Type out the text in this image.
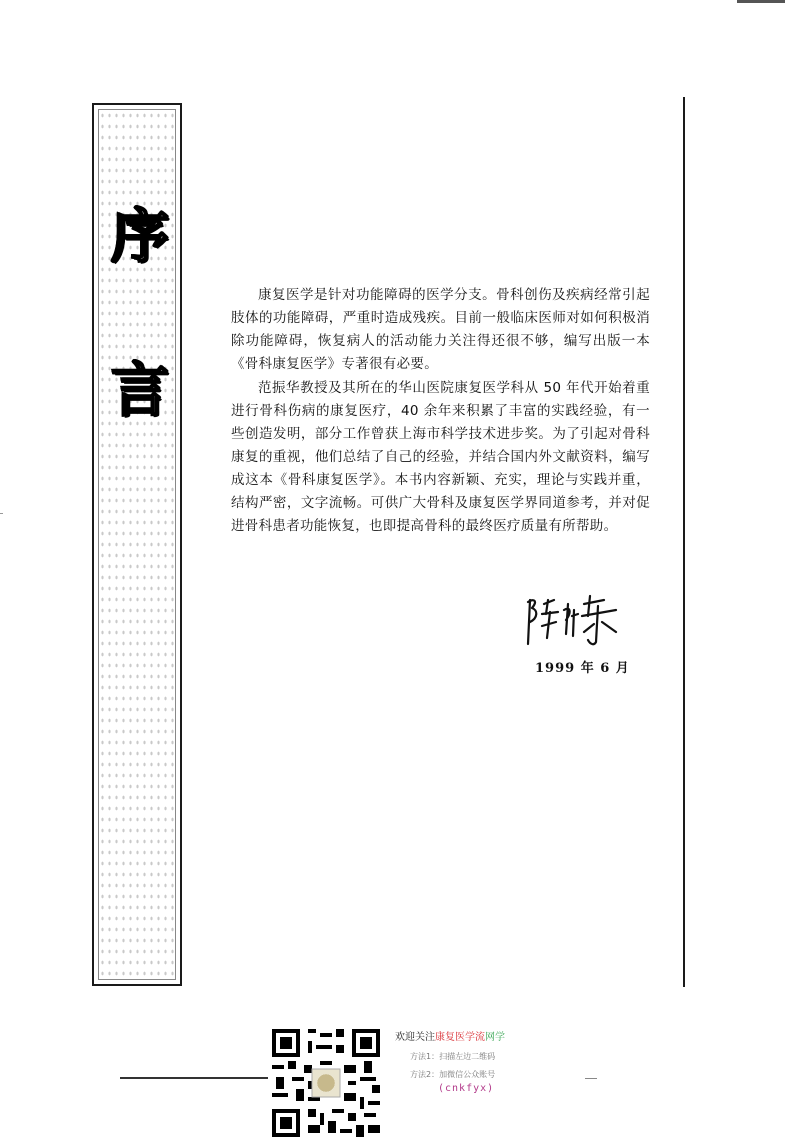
序
言

康复医学是针对功能障碍的医学分支。骨科创伤及疾病经常引起肢体的功能障碍，严重时造成残疾。目前一般临床医师对如何积极消除功能障碍，恢复病人的活动能力关注得还很不够，编写出版一本《骨科康复医学》专著很有必要。

范振华教授及其所在的华山医院康复医学科从 50 年代开始着重进行骨科伤病的康复医疗，40 余年来积累了丰富的实践经验，有一些创造发明，部分工作曾获上海市科学技术进步奖。为了引起对骨科康复的重视，他们总结了自己的经验，并结合国内外文献资料，编写成这本《骨科康复医学》。本书内容新颖、充实，理论与实践并重，结构严密，文字流畅。可供广大骨科及康复医学界同道参考，并对促进骨科患者功能恢复，也即提高骨科的最终医疗质量有所帮助。

1999 年 6 月
欢迎关注康复医学流网学
方法1：扫描左边二维码
方法2：加微信公众账号
(cnkfyx)
